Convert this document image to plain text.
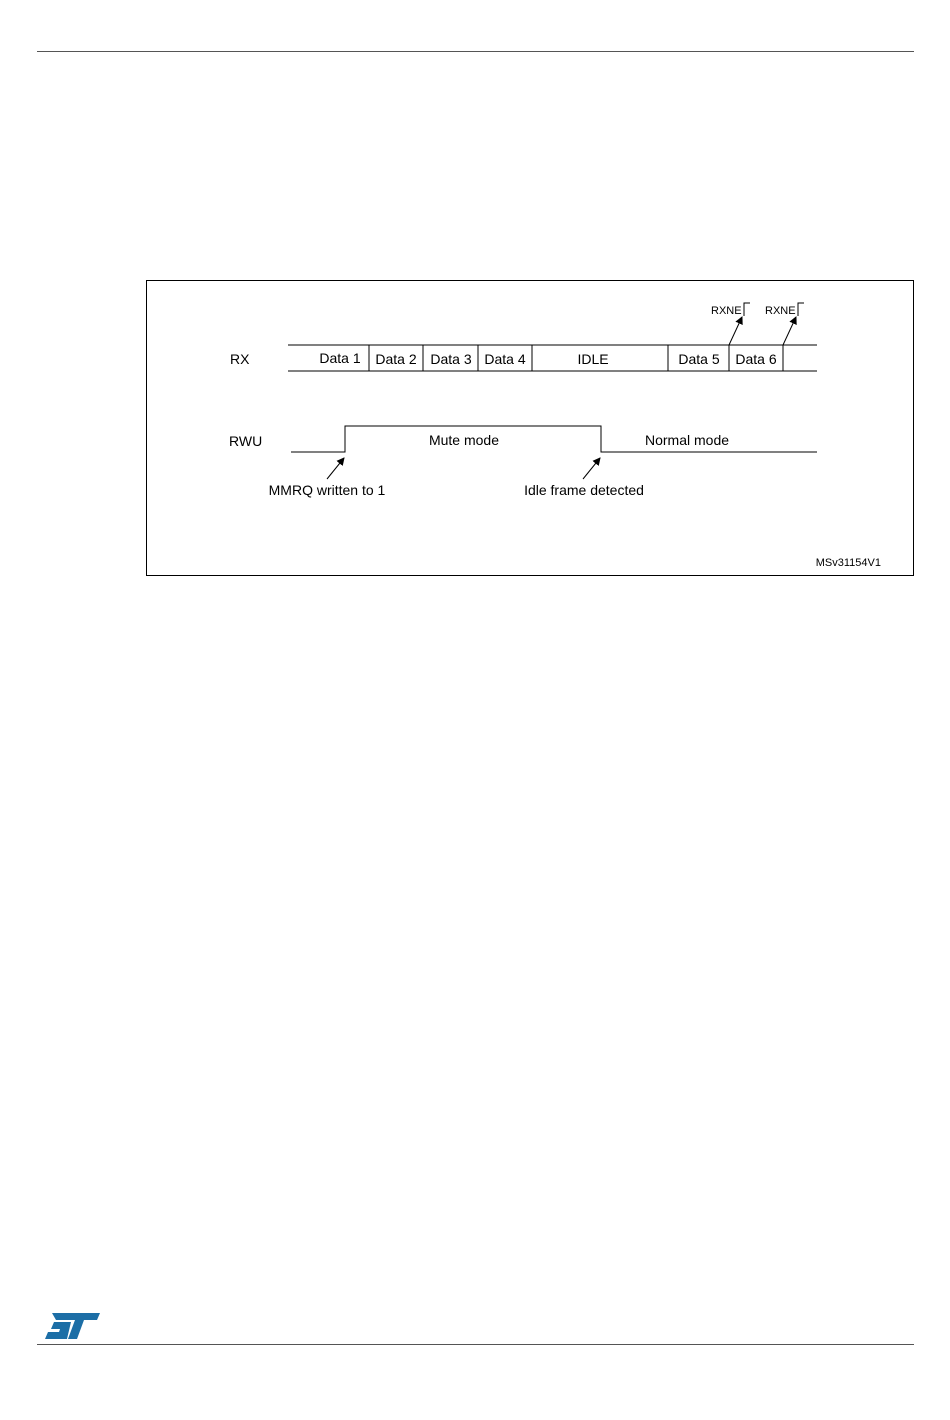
RX
RWU
Data 1 Data 2 Data 3 Data 4	IDLE	Data 5 Data 6
RXNE RXNE
Mute mode	Normal mode
MMRQ written to 1	Idle frame detected
MSv31154V1
ST
